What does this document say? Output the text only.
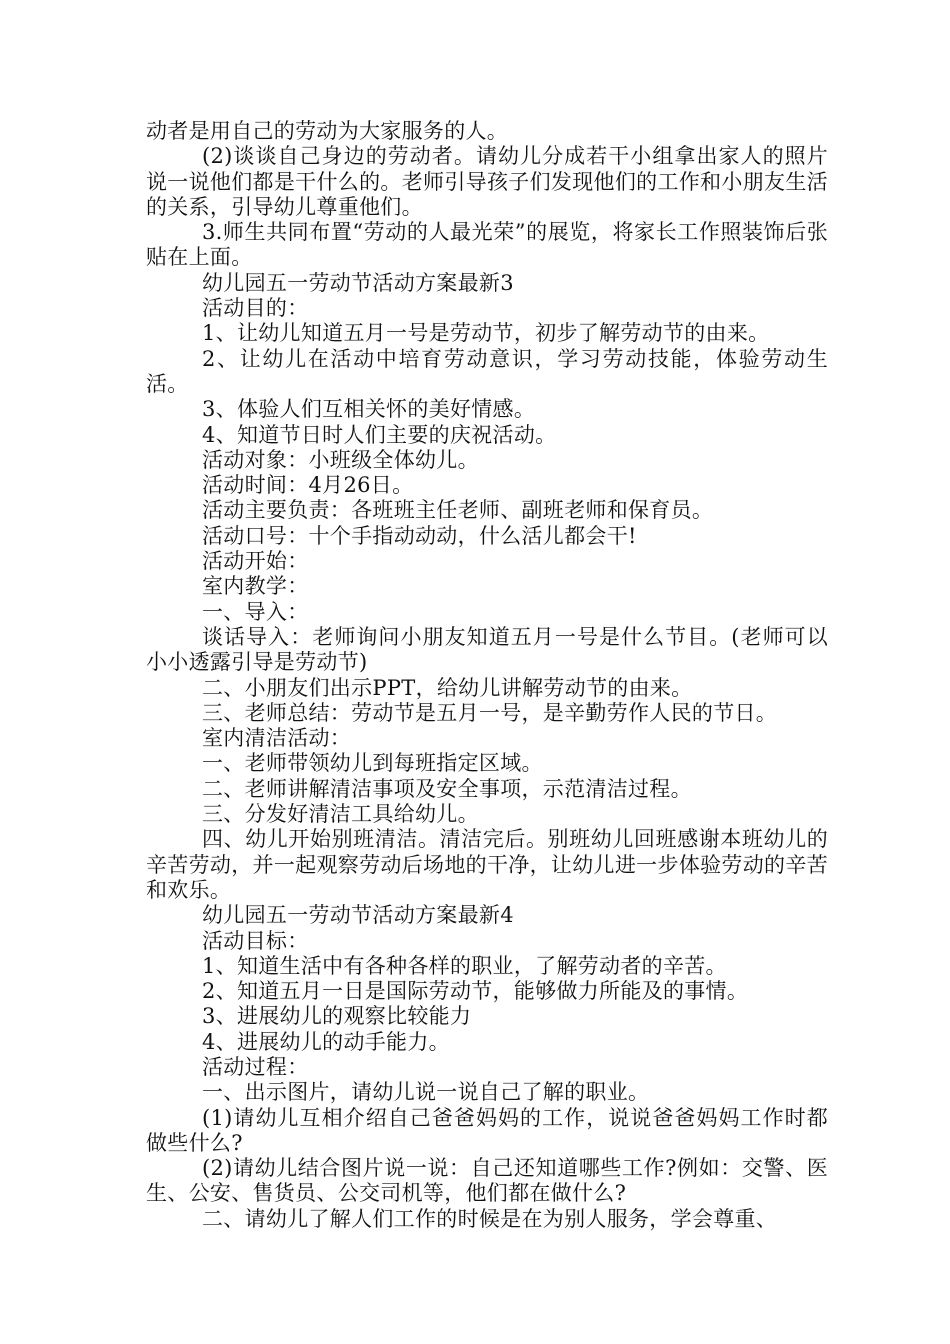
动者是用自己的劳动为大家服务的人。

(2)谈谈自己身边的劳动者。请幼儿分成若干小组拿出家人的照片说一说他们都是干什么的。老师引导孩子们发现他们的工作和小朋友生活的关系，引导幼儿尊重他们。

3.师生共同布置“劳动的人最光荣”的展览，将家长工作照装饰后张贴在上面。

幼儿园五一劳动节活动方案最新3

活动目的：

1、让幼儿知道五月一号是劳动节，初步了解劳动节的由来。

2、让幼儿在活动中培育劳动意识，学习劳动技能，体验劳动生活。

3、体验人们互相关怀的美好情感。

4、知道节日时人们主要的庆祝活动。

活动对象：小班级全体幼儿。

活动时间：4月26日。

活动主要负责：各班班主任老师、副班老师和保育员。

活动口号：十个手指动动动，什么活儿都会干!

活动开始：

室内教学：

一、导入：

谈话导入：老师询问小朋友知道五月一号是什么节目。(老师可以小小透露引导是劳动节)

二、小朋友们出示PPT，给幼儿讲解劳动节的由来。

三、老师总结：劳动节是五月一号，是辛勤劳作人民的节日。

室内清洁活动：

一、老师带领幼儿到每班指定区域。

二、老师讲解清洁事项及安全事项，示范清洁过程。

三、分发好清洁工具给幼儿。

四、幼儿开始别班清洁。清洁完后。别班幼儿回班感谢本班幼儿的辛苦劳动，并一起观察劳动后场地的干净，让幼儿进一步体验劳动的辛苦和欢乐。

幼儿园五一劳动节活动方案最新4

活动目标：

1、知道生活中有各种各样的职业，了解劳动者的辛苦。

2、知道五月一日是国际劳动节，能够做力所能及的事情。

3、进展幼儿的观察比较能力

4、进展幼儿的动手能力。

活动过程：

一、出示图片，请幼儿说一说自己了解的职业。

(1)请幼儿互相介绍自己爸爸妈妈的工作，说说爸爸妈妈工作时都做些什么?

(2)请幼儿结合图片说一说：自己还知道哪些工作?例如：交警、医生、公安、售货员、公交司机等，他们都在做什么?

二、请幼儿了解人们工作的时候是在为别人服务，学会尊重、
